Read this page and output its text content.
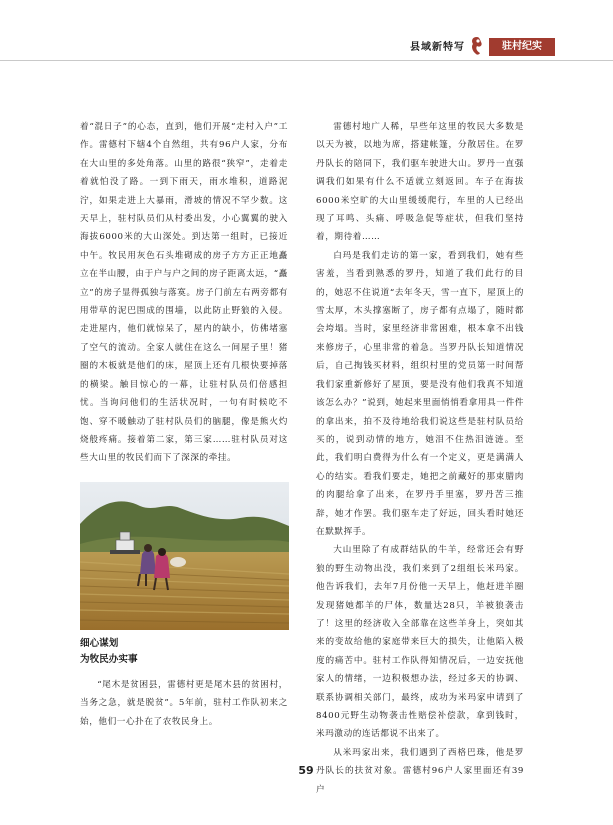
县域新特写	驻村纪实

着“混日子”的心态，直到，他们开展“走村入户”工作。雷德村下辖4个自然组，共有96户人家，分布在大山里的多处角落。山里的路很“狭窄”，走着走着就怕没了路。一到下雨天，雨水堆积，道路泥泞，如果走进上大暴雨，滑坡的情况不罕少数。这天早上，驻村队员们从村委出发，小心翼翼的驶入海拔6000米的大山深处。到达第一组时，已接近中午。牧民用灰色石头堆砌成的房子方方正正地矗立在半山腰，由于户与户之间的房子距离太远，“矗立”的房子显得孤独与落寞。房子门前左右两旁都有用带草的泥巴围成的围墙，以此防止野狼的入侵。走进屋内，他们就惊呆了，屋内的缺小，仿佛堵塞了空气的流动。全家人就住在这么一间屋子里！猪圈的木板就是他们的床，屋顶上还有几根快要掉落的横梁。触目惊心的一幕，让驻村队员们倍感担忧。当询问他们的生活状况时，一句有时候吃不饱、穿不暖触动了驻村队员们的脑腿，像是熊火灼烧般疼痛。接着第二家，第三家……驻村队员对这些大山里的牧民们而下了深深的牵挂。

细心谋划
为牧民办实事

“尾木是贫困县，雷德村更是尾木县的贫困村，当务之急，就是脱贫”。5年前，驻村工作队初来之始，他们一心扑在了农牧民身上。

雷德村地广人稀，早些年这里的牧民大多数是以天为被，以地为席，搭建帐篷，分散居住。在罗丹队长的陪同下，我们驱车驶进大山。罗丹一直强调我们如果有什么不适就立刻返回。车子在海拔6000米空旷的大山里缓缓爬行，车里的人已经出现了耳鸣、头痛、呼吸急促等症状，但我们坚持着，期待着……

白玛是我们走访的第一家，看到我们，她有些害羞，当看到熟悉的罗丹，知道了我们此行的目的，她忍不住说道“去年冬天，雪一直下，屋顶上的雪太厚，木头撑塞断了，房子都有点塌了，随时都会垮塌。当时，家里经济非常困难，根本拿不出钱来修房子，心里非常的着急。当罗丹队长知道情况后，自己掏钱买材料，组织村里的党员第一时间帮我们家重新修好了屋顶，要是没有他们我真不知道该怎么办？”说到，她起来里面悄悄看拿用具一件件的拿出来，拍不及待地给我们说这些是驻村队员给买的，说到动情的地方，她泪不住热泪涟涟。至此，我们明白费得为什么有一个定义，更是满满人心的结实。看我们要走，她把之前藏好的那束腊肉的肉腿给拿了出来，在罗丹手里塞，罗丹苦三推辞，她才作罢。我们驱车走了好远，回头看时她还在默默挥手。

大山里除了有成群结队的牛羊，经常还会有野狼的野生动物出没，我们来到了2组组长米玛家。他告诉我们，去年7月份他一天早上，他赶进羊圈发现猪她都羊的尸体，数量达28只，羊被狼袭击了！这里的经济收入全部靠在这些羊身上，突如其来的变故给他的家庭带来巨大的损失，让他陷入极度的痛苦中。驻村工作队得知情况后，一边安抚他家人的情绪，一边积极想办法，经过多天的协调、联系协调相关部门，最终，成功为米玛家申请到了8400元野生动物袭击性赔偿补偿款，拿到钱时，米玛激动的连话都说不出来了。

从米玛家出来，我们遇到了西格巴珠，他是罗丹队长的扶贫对象。雷德村96户人家里面还有39户

59
